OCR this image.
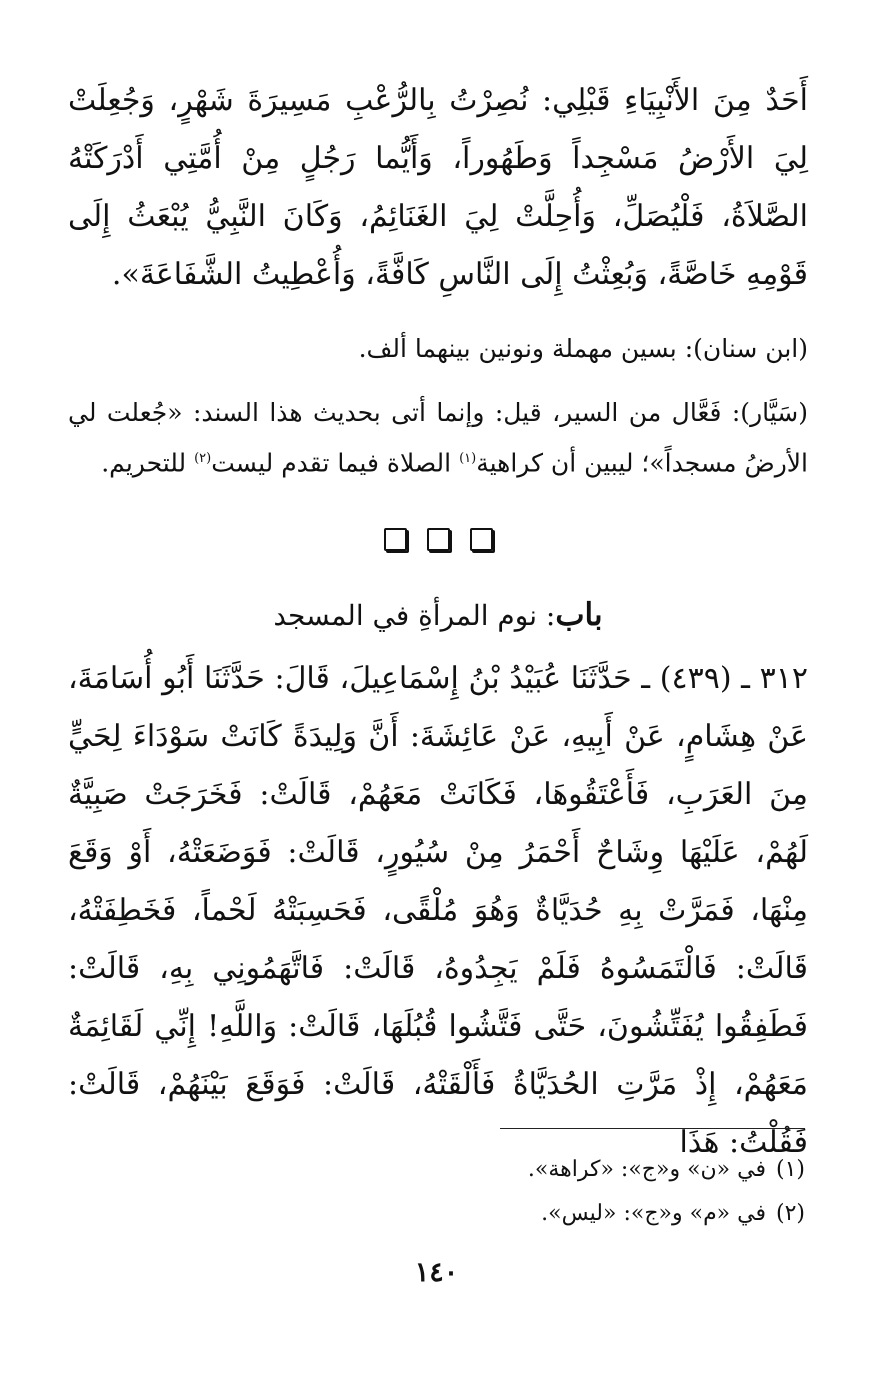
أَحَدٌ مِنَ الأَنْبِيَاءِ قَبْلِي: نُصِرْتُ بِالرُّعْبِ مَسِيرَةَ شَهْرٍ، وَجُعِلَتْ لِيَ الأَرْضُ مَسْجِداً وَطَهُوراً، وَأَيُّما رَجُلٍ مِنْ أُمَّتِي أَدْرَكَتْهُ الصَّلاَةُ، فَلْيُصَلِّ، وَأُحِلَّتْ لِيَ الغَنَائِمُ، وَكَانَ النَّبِيُّ يُبْعَثُ إِلَى قَوْمِهِ خَاصَّةً، وَبُعِثْتُ إِلَى النَّاسِ كَافَّةً، وَأُعْطِيتُ الشَّفَاعَةَ».

(ابن سنان): بسين مهملة ونونين بينهما ألف.

(سَيَّار): فَعَّال من السير، قيل: وإنما أتى بحديث هذا السند: «جُعلت لي الأرضُ مسجداً»؛ ليبين أن كراهية$^{(١)}$ الصلاة فيما تقدم ليست$^{(٢)}$ للتحريم.

باب: نوم المرأةِ في المسجد

٣١٢ ـ (٤٣٩) ـ حَدَّثَنَا عُبَيْدُ بْنُ إِسْمَاعِيلَ، قَالَ: حَدَّثَنَا أَبُو أُسَامَةَ، عَنْ هِشَامٍ، عَنْ أَبِيهِ، عَنْ عَائِشَةَ: أَنَّ وَلِيدَةً كَانَتْ سَوْدَاءَ لِحَيٍّ مِنَ العَرَبِ، فَأَعْتَقُوهَا، فَكَانَتْ مَعَهُمْ، قَالَتْ: فَخَرَجَتْ صَبِيَّةٌ لَهُمْ، عَلَيْهَا وِشَاحٌ أَحْمَرُ مِنْ سُيُورٍ، قَالَتْ: فَوَضَعَتْهُ، أَوْ وَقَعَ مِنْهَا، فَمَرَّتْ بِهِ حُدَيَّاةٌ وَهُوَ مُلْقًى، فَحَسِبَتْهُ لَحْماً، فَخَطِفَتْهُ، قَالَتْ: فَالْتَمَسُوهُ فَلَمْ يَجِدُوهُ، قَالَتْ: فَاتَّهَمُونِي بِهِ، قَالَتْ: فَطَفِقُوا يُفَتِّشُونَ، حَتَّى فَتَّشُوا قُبُلَهَا، قَالَتْ: وَاللَّهِ! إِنِّي لَقَائِمَةٌ مَعَهُمْ، إِذْ مَرَّتِ الحُدَيَّاةُ فَأَلْقَتْهُ، قَالَتْ: فَوَقَعَ بَيْنَهُمْ، قَالَتْ: فَقُلْتُ: هَذَا

(١) في «ن» و«ج»: «كراهة».
(٢) في «م» و«ج»: «ليس».
١٤٠
